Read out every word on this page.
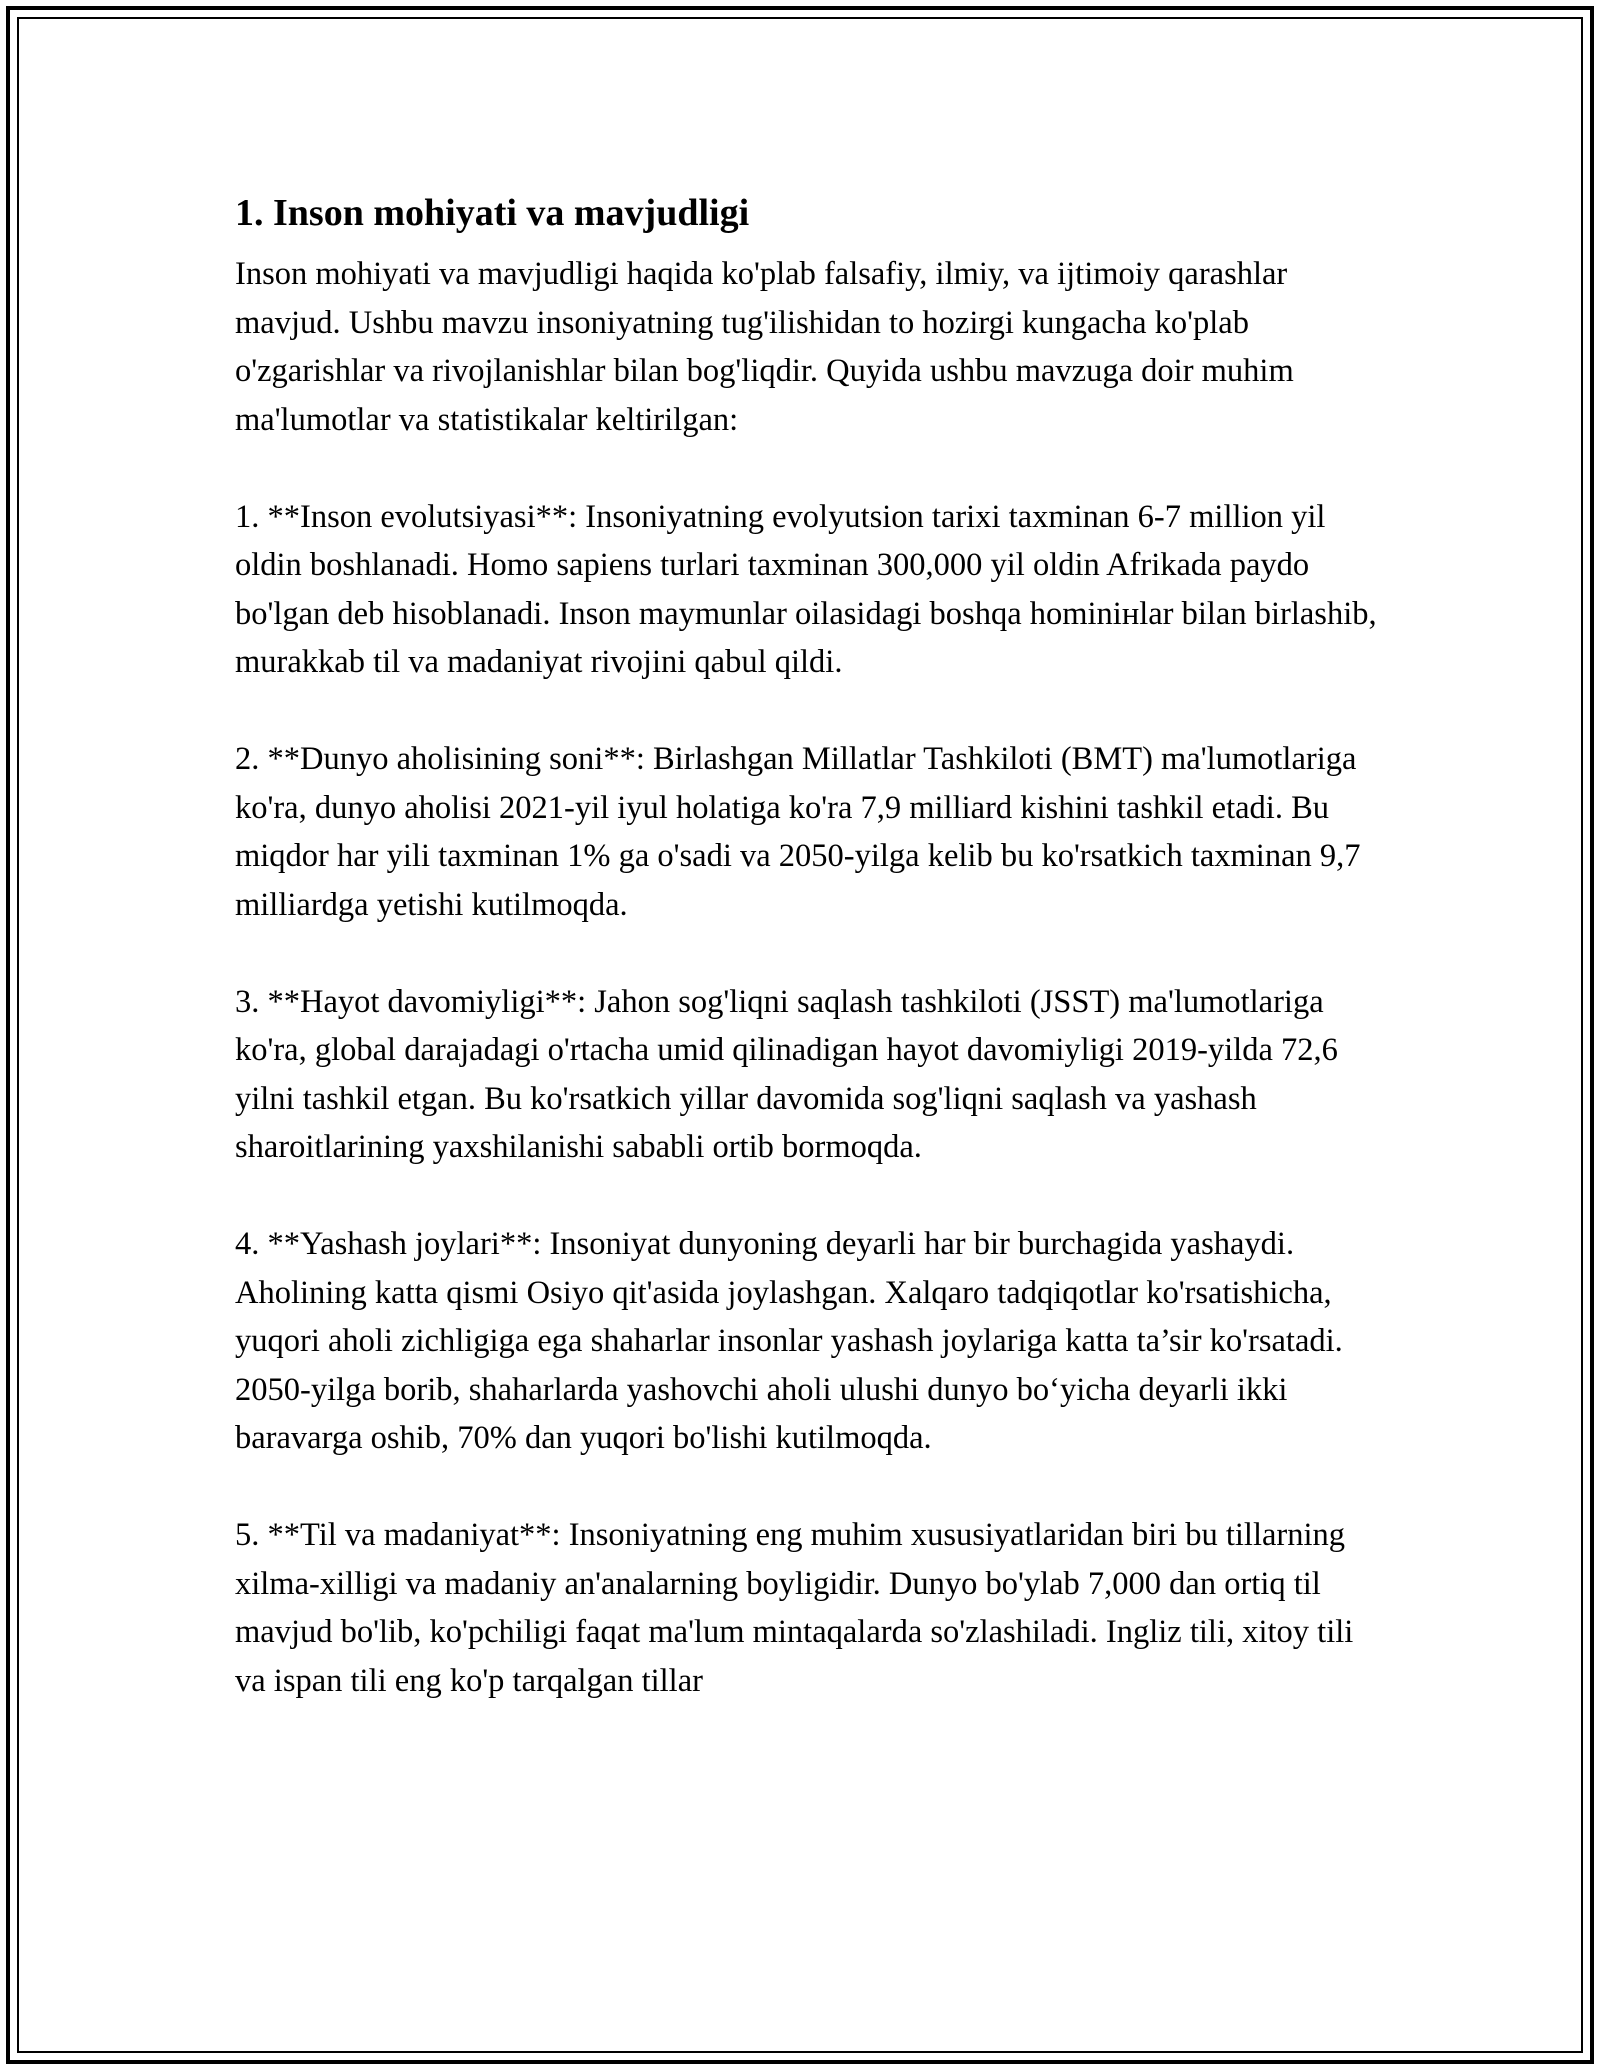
1. Inson mohiyati va mavjudligi

Inson mohiyati va mavjudligi haqida ko'plab falsafiy, ilmiy, va ijtimoiy qarashlar mavjud. Ushbu mavzu insoniyatning tug'ilishidan to hozirgi kungacha ko'plab o'zgarishlar va rivojlanishlar bilan bog'liqdir. Quyida ushbu mavzuga doir muhim ma'lumotlar va statistikalar keltirilgan:

1. **Inson evolutsiyasi**: Insoniyatning evolyutsion tarixi taxminan 6-7 million yil oldin boshlanadi. Homo sapiens turlari taxminan 300,000 yil oldin Afrikada paydo bo'lgan deb hisoblanadi. Inson maymunlar oilasidagi boshqa hominінlar bilan birlashib, murakkab til va madaniyat rivojini qabul qildi.

2. **Dunyo aholisining soni**: Birlashgan Millatlar Tashkiloti (BMT) ma'lumotlariga ko'ra, dunyo aholisi 2021-yil iyul holatiga ko'ra 7,9 milliard kishini tashkil etadi. Bu miqdor har yili taxminan 1% ga o'sadi va 2050-yilga kelib bu ko'rsatkich taxminan 9,7 milliardga yetishi kutilmoqda.

3. **Hayot davomiyligi**: Jahon sog'liqni saqlash tashkiloti (JSST) ma'lumotlariga ko'ra, global darajadagi o'rtacha umid qilinadigan hayot davomiyligi 2019-yilda 72,6 yilni tashkil etgan. Bu ko'rsatkich yillar davomida sog'liqni saqlash va yashash sharoitlarining yaxshilanishi sababli ortib bormoqda.

4. **Yashash joylari**: Insoniyat dunyoning deyarli har bir burchagida yashaydi. Aholining katta qismi Osiyo qit'asida joylashgan. Xalqaro tadqiqotlar ko'rsatishicha, yuqori aholi zichligiga ega shaharlar insonlar yashash joylariga katta ta’sir ko'rsatadi. 2050-yilga borib, shaharlarda yashovchi aholi ulushi dunyo bo‘yicha deyarli ikki baravarga oshib, 70% dan yuqori bo'lishi kutilmoqda.

5. **Til va madaniyat**: Insoniyatning eng muhim xususiyatlaridan biri bu tillarning xilma-xilligi va madaniy an'analarning boyligidir. Dunyo bo'ylab 7,000 dan ortiq til mavjud bo'lib, ko'pchiligi faqat ma'lum mintaqalarda so'zlashiladi. Ingliz tili, xitoy tili va ispan tili eng ko'p tarqalgan tillar
